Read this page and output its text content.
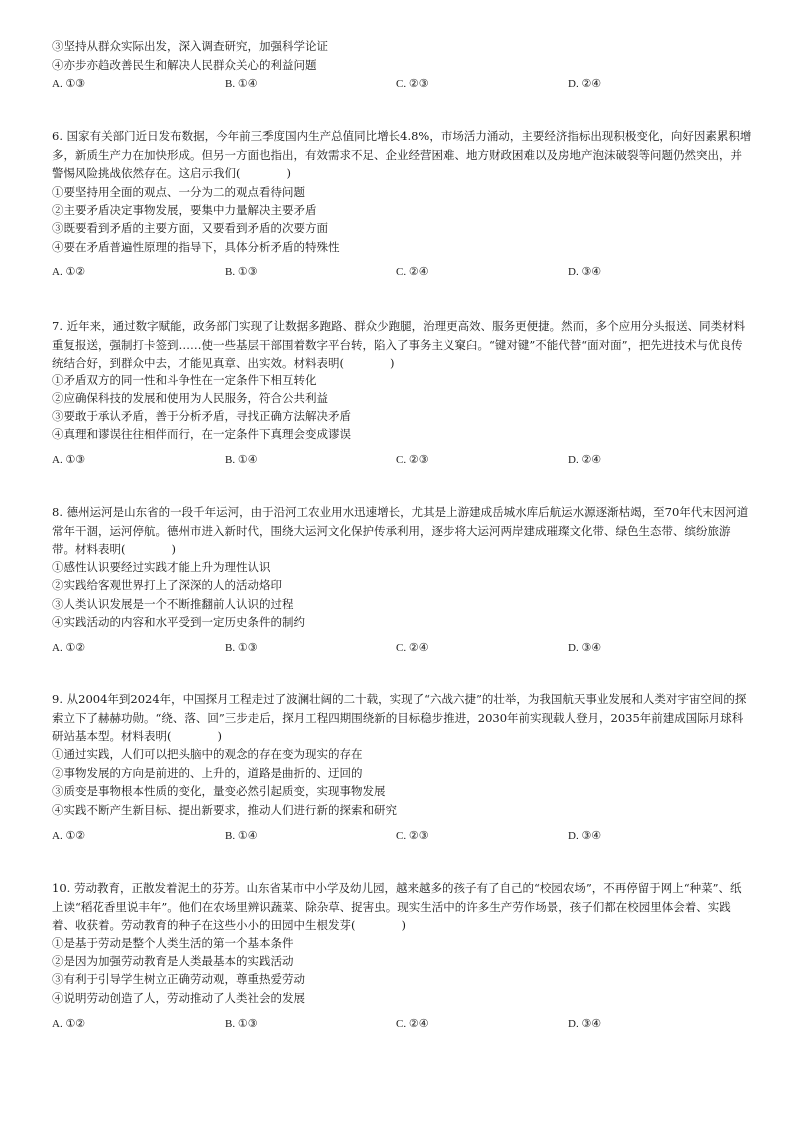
③坚持从群众实际出发，深入调查研究，加强科学论证
④亦步亦趋改善民生和解决人民群众关心的利益问题
A. ①③	B. ①④	C. ②③	D. ②④
6. 国家有关部门近日发布数据，今年前三季度国内生产总值同比增长4.8%，市场活力涌动，主要经济指标出现积极变化，向好因素累积增多，新质生产力在加快形成。但另一方面也指出，有效需求不足、企业经营困难、地方财政困难以及房地产泡沫破裂等问题仍然突出，并警惕风险挑战依然存在。这启示我们(　　　　)
①要坚持用全面的观点、一分为二的观点看待问题
②主要矛盾决定事物发展，要集中力量解决主要矛盾
③既要看到矛盾的主要方面，又要看到矛盾的次要方面
④要在矛盾普遍性原理的指导下，具体分析矛盾的特殊性
A. ①②	B. ①③	C. ②④	D. ③④
7. 近年来，通过数字赋能，政务部门实现了让数据多跑路、群众少跑腿，治理更高效、服务更便捷。然而，多个应用分头报送、同类材料重复报送，强制打卡签到……使一些基层干部围着数字平台转，陷入了事务主义窠臼。“键对键”不能代替“面对面”，把先进技术与优良传统结合好，到群众中去，才能见真章、出实效。材料表明(　　　　)
①矛盾双方的同一性和斗争性在一定条件下相互转化
②应确保科技的发展和使用为人民服务，符合公共利益
③要敢于承认矛盾，善于分析矛盾，寻找正确方法解决矛盾
④真理和谬误往往相伴而行，在一定条件下真理会变成谬误
A. ①③	B. ①④	C. ②③	D. ②④
8. 德州运河是山东省的一段千年运河，由于沿河工农业用水迅速增长，尤其是上游建成岳城水库后航运水源逐渐枯竭，至70年代末因河道常年干涸，运河停航。德州市进入新时代，围绕大运河文化保护传承利用，逐步将大运河两岸建成璀璨文化带、绿色生态带、缤纷旅游带。材料表明(　　　　)
①感性认识要经过实践才能上升为理性认识
②实践给客观世界打上了深深的人的活动烙印
③人类认识发展是一个不断推翻前人认识的过程
④实践活动的内容和水平受到一定历史条件的制约
A. ①②	B. ①③	C. ②④	D. ③④
9. 从2004年到2024年，中国探月工程走过了波澜壮阔的二十载，实现了“六战六捷”的壮举，为我国航天事业发展和人类对宇宙空间的探索立下了赫赫功勋。“绕、落、回”三步走后，探月工程四期围绕新的目标稳步推进，2030年前实现载人登月，2035年前建成国际月球科研站基本型。材料表明(　　　　)
①通过实践，人们可以把头脑中的观念的存在变为现实的存在
②事物发展的方向是前进的、上升的，道路是曲折的、迂回的
③质变是事物根本性质的变化，量变必然引起质变，实现事物发展
④实践不断产生新目标、提出新要求，推动人们进行新的探索和研究
A. ①②	B. ①④	C. ②③	D. ③④
10. 劳动教育，正散发着泥土的芬芳。山东省某市中小学及幼儿园，越来越多的孩子有了自己的“校园农场”，不再停留于网上“种菜”、纸上读“稻花香里说丰年”。他们在农场里辨识蔬菜、除杂草、捉害虫。现实生活中的许多生产劳作场景，孩子们都在校园里体会着、实践着、收获着。劳动教育的种子在这些小小的田园中生根发芽(　　　　)
①是基于劳动是整个人类生活的第一个基本条件
②是因为加强劳动教育是人类最基本的实践活动
③有利于引导学生树立正确劳动观，尊重热爱劳动
④说明劳动创造了人，劳动推动了人类社会的发展
A. ①②	B. ①③	C. ②④	D. ③④
